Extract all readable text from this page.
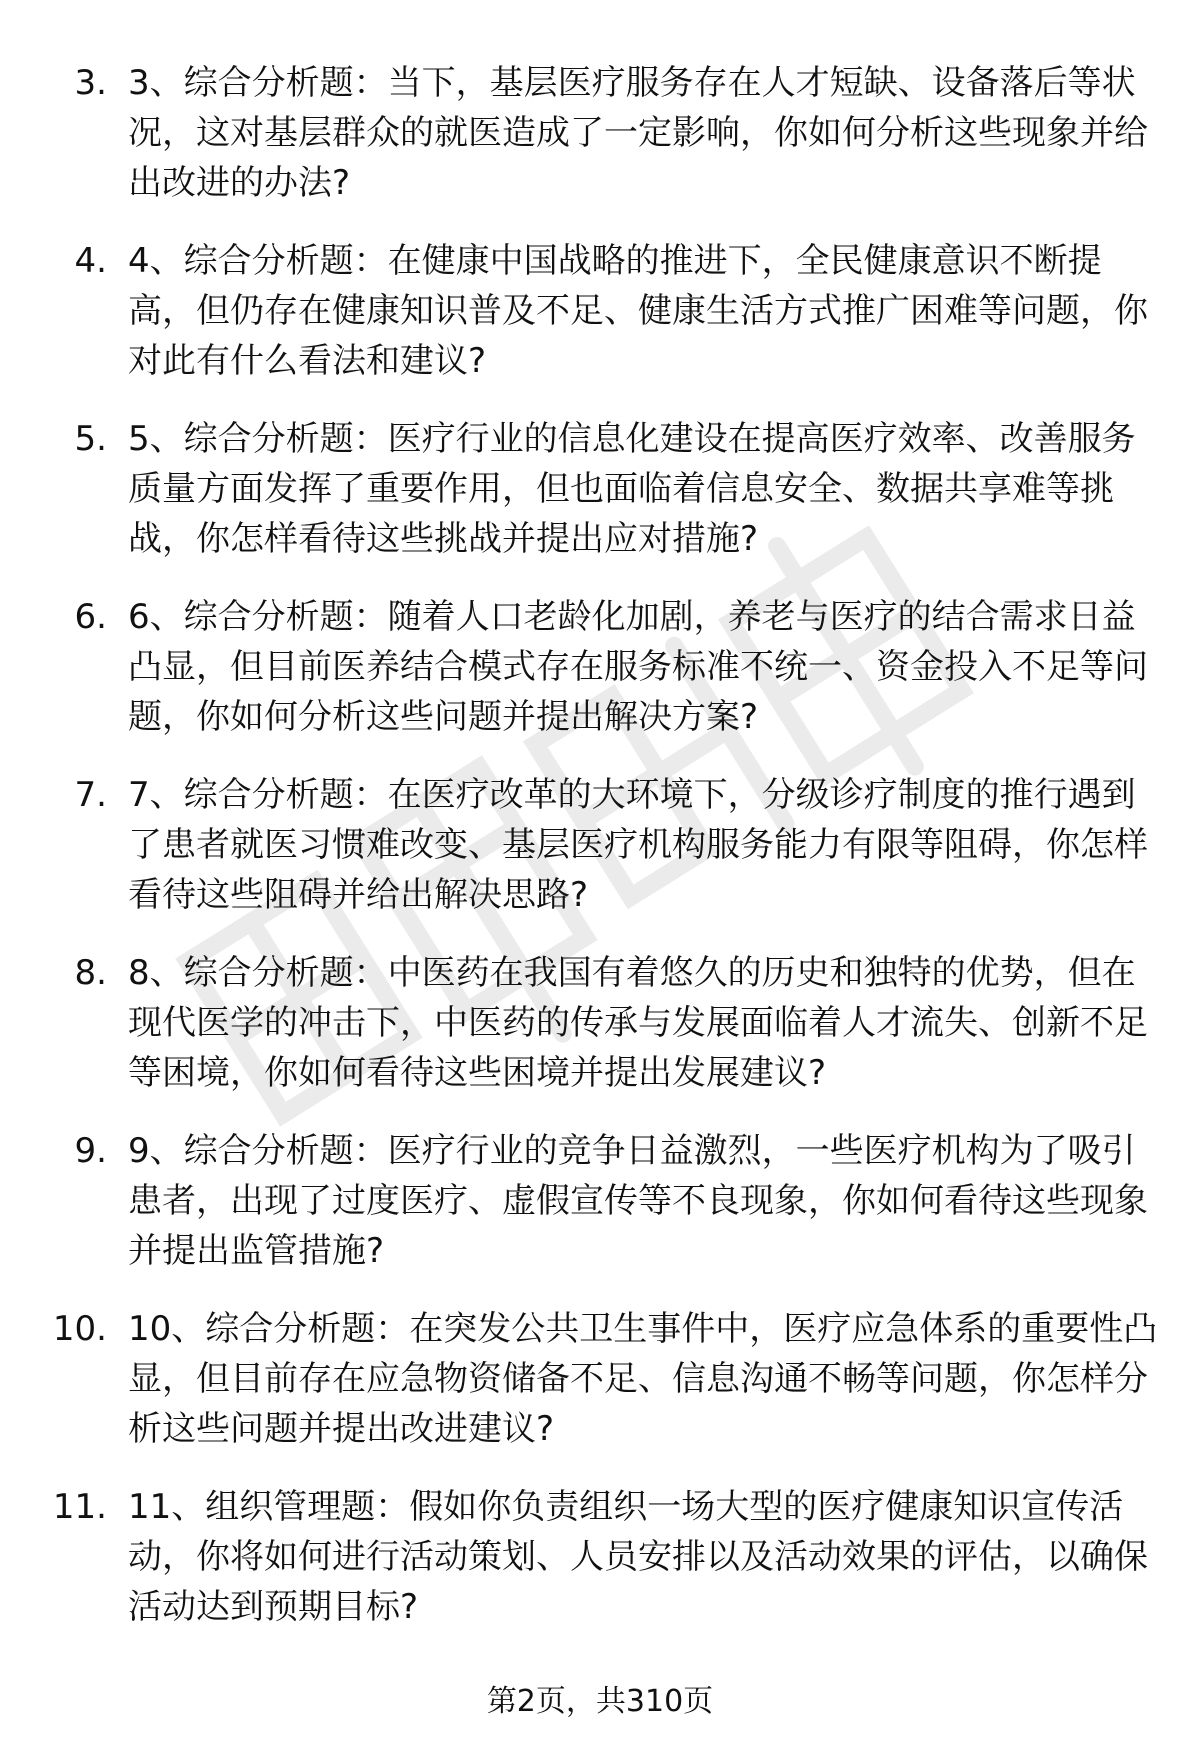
3. 3、综合分析题：当下，基层医疗服务存在人才短缺、设备落后等状况，这对基层群众的就医造成了一定影响，你如何分析这些现象并给出改进的办法?

4. 4、综合分析题：在健康中国战略的推进下，全民健康意识不断提高，但仍存在健康知识普及不足、健康生活方式推广困难等问题，你对此有什么看法和建议?

5. 5、综合分析题：医疗行业的信息化建设在提高医疗效率、改善服务质量方面发挥了重要作用，但也面临着信息安全、数据共享难等挑战，你怎样看待这些挑战并提出应对措施?

6. 6、综合分析题：随着人口老龄化加剧，养老与医疗的结合需求日益凸显，但目前医养结合模式存在服务标准不统一、资金投入不足等问题，你如何分析这些问题并提出解决方案?

7. 7、综合分析题：在医疗改革的大环境下，分级诊疗制度的推行遇到了患者就医习惯难改变、基层医疗机构服务能力有限等阻碍，你怎样看待这些阻碍并给出解决思路?

8. 8、综合分析题：中医药在我国有着悠久的历史和独特的优势，但在现代医学的冲击下，中医药的传承与发展面临着人才流失、创新不足等困境，你如何看待这些困境并提出发展建议?

9. 9、综合分析题：医疗行业的竞争日益激烈，一些医疗机构为了吸引患者，出现了过度医疗、虚假宣传等不良现象，你如何看待这些现象并提出监管措施?

10. 10、综合分析题：在突发公共卫生事件中，医疗应急体系的重要性凸显，但目前存在应急物资储备不足、信息沟通不畅等问题，你怎样分析这些问题并提出改进建议?

11. 11、组织管理题：假如你负责组织一场大型的医疗健康知识宣传活动，你将如何进行活动策划、人员安排以及活动效果的评估，以确保活动达到预期目标?

第2页，共310页
